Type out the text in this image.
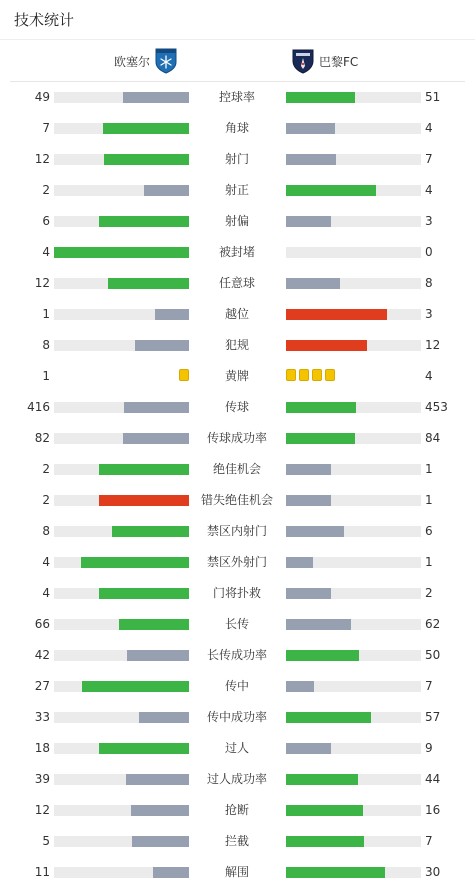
技术统计
欧塞尔	巴黎FC
49	控球率	51
7	角球	4
12	射门	7
2	射正	4
6	射偏	3
4	被封堵	0
12	任意球	8
1	越位	3
8	犯规	12
1	黄牌	4
416	传球	453
82	传球成功率	84
2	绝佳机会	1
2	错失绝佳机会	1
8	禁区内射门	6
4	禁区外射门	1
4	门将扑救	2
66	长传	62
42	长传成功率	50
27	传中	7
33	传中成功率	57
18	过人	9
39	过人成功率	44
12	抢断	16
5	拦截	7
11	解围	30
